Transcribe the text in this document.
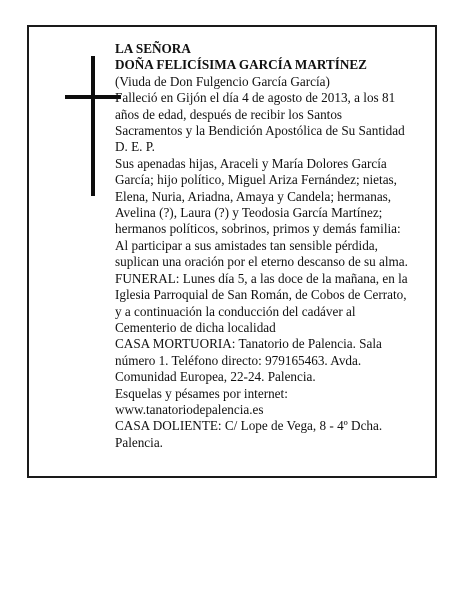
LA SEÑORA
DOÑA FELICÍSIMA GARCÍA MARTÍNEZ
(Viuda de Don Fulgencio García García)
Falleció en Gijón el día 4 de agosto de 2013, a los 81
años de edad, después de recibir los Santos
Sacramentos y la Bendición Apostólica de Su Santidad
D. E. P.
Sus apenadas hijas, Araceli y María Dolores García
García; hijo político, Miguel Ariza Fernández; nietas,
Elena, Nuria, Ariadna, Amaya y Candela; hermanas,
Avelina (?), Laura (?) y Teodosia García Martínez;
hermanos políticos, sobrinos, primos y demás familia:
Al participar a sus amistades tan sensible pérdida,
suplican una oración por el eterno descanso de su alma.
FUNERAL: Lunes día 5, a las doce de la mañana, en la
Iglesia Parroquial de San Román, de Cobos de Cerrato,
y a continuación la conducción del cadáver al
Cementerio de dicha localidad
CASA MORTUORIA: Tanatorio de Palencia. Sala
número 1. Teléfono directo: 979165463. Avda.
Comunidad Europea, 22-24. Palencia.
Esquelas y pésames por internet:
www.tanatoriodepalencia.es
CASA DOLIENTE: C/ Lope de Vega, 8 - 4º Dcha.
Palencia.
